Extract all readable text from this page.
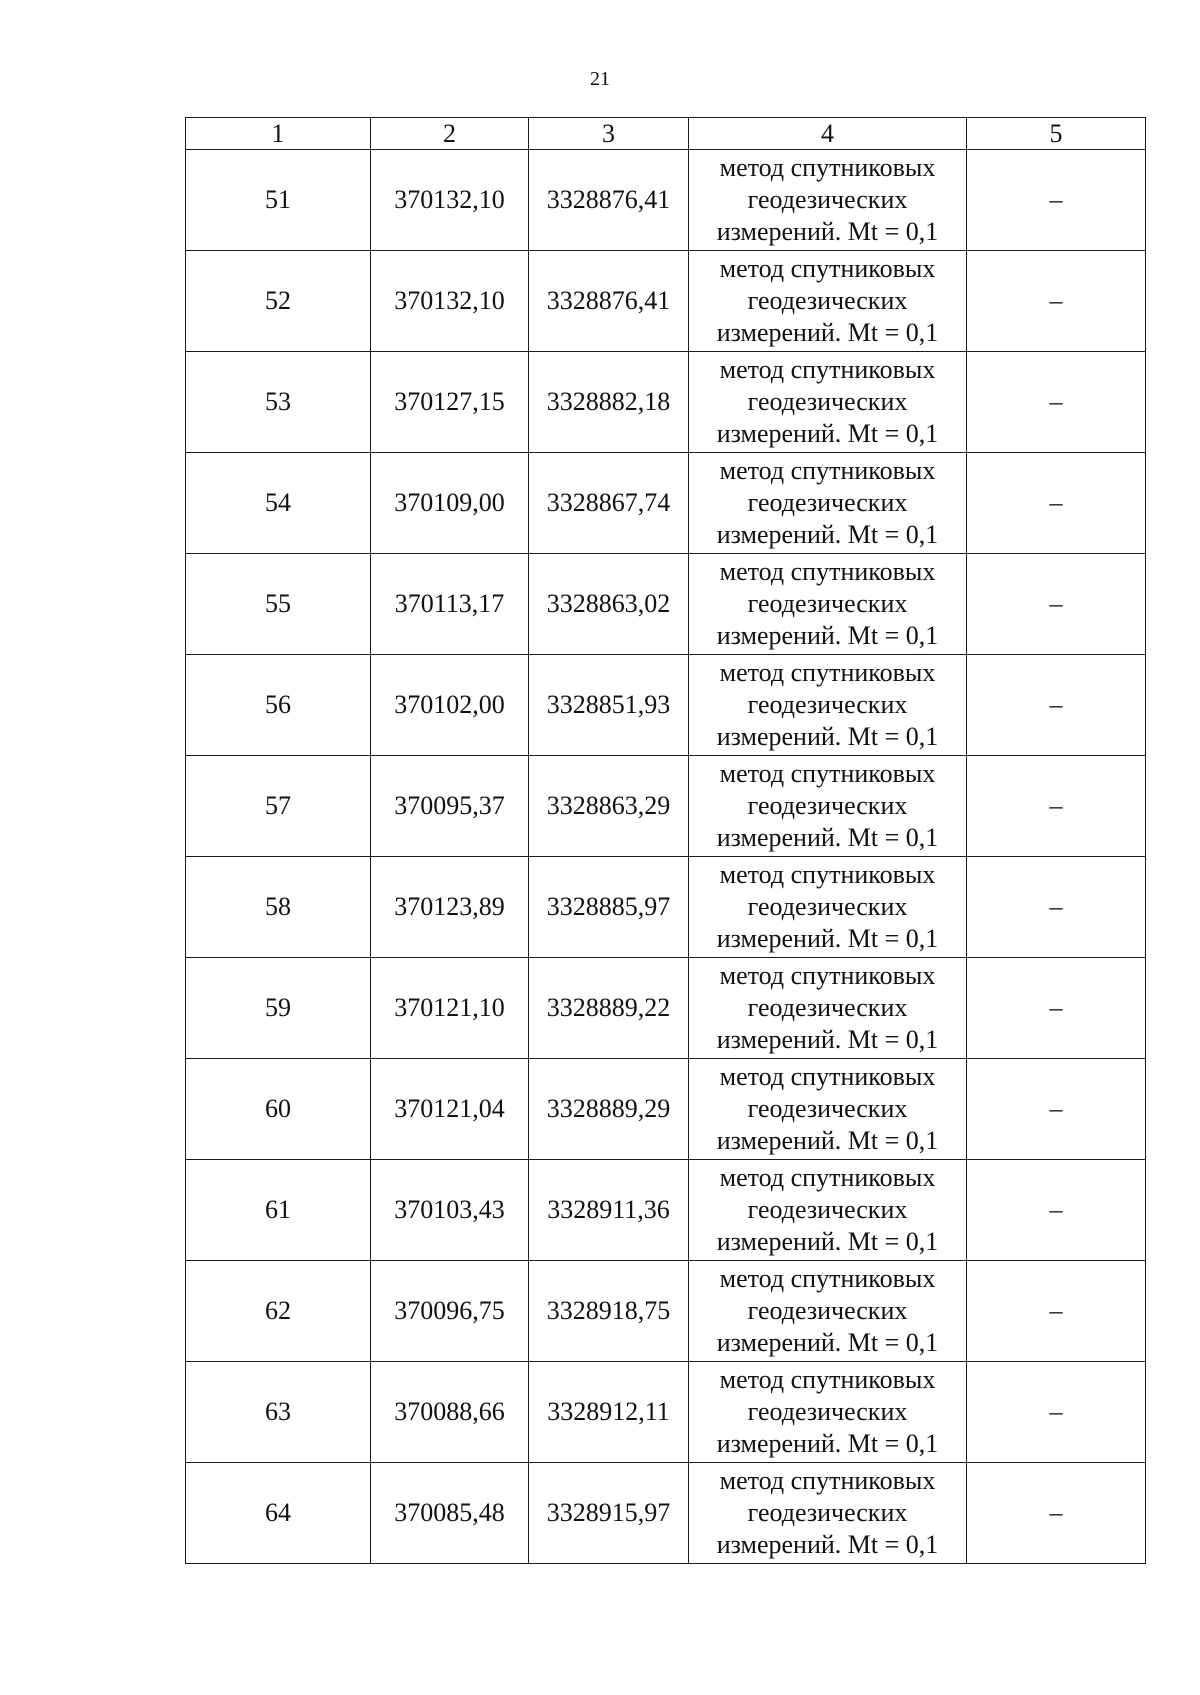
21
1	2	3	4	5
51	370132,10	3328876,41	метод спутниковых
геодезических
измерений. Mt = 0,1	–
52	370132,10	3328876,41	метод спутниковых
геодезических
измерений. Mt = 0,1	–
53	370127,15	3328882,18	метод спутниковых
геодезических
измерений. Mt = 0,1	–
54	370109,00	3328867,74	метод спутниковых
геодезических
измерений. Mt = 0,1	–
55	370113,17	3328863,02	метод спутниковых
геодезических
измерений. Mt = 0,1	–
56	370102,00	3328851,93	метод спутниковых
геодезических
измерений. Mt = 0,1	–
57	370095,37	3328863,29	метод спутниковых
геодезических
измерений. Mt = 0,1	–
58	370123,89	3328885,97	метод спутниковых
геодезических
измерений. Mt = 0,1	–
59	370121,10	3328889,22	метод спутниковых
геодезических
измерений. Mt = 0,1	–
60	370121,04	3328889,29	метод спутниковых
геодезических
измерений. Mt = 0,1	–
61	370103,43	3328911,36	метод спутниковых
геодезических
измерений. Mt = 0,1	–
62	370096,75	3328918,75	метод спутниковых
геодезических
измерений. Mt = 0,1	–
63	370088,66	3328912,11	метод спутниковых
геодезических
измерений. Mt = 0,1	–
64	370085,48	3328915,97	метод спутниковых
геодезических
измерений. Mt = 0,1	–
